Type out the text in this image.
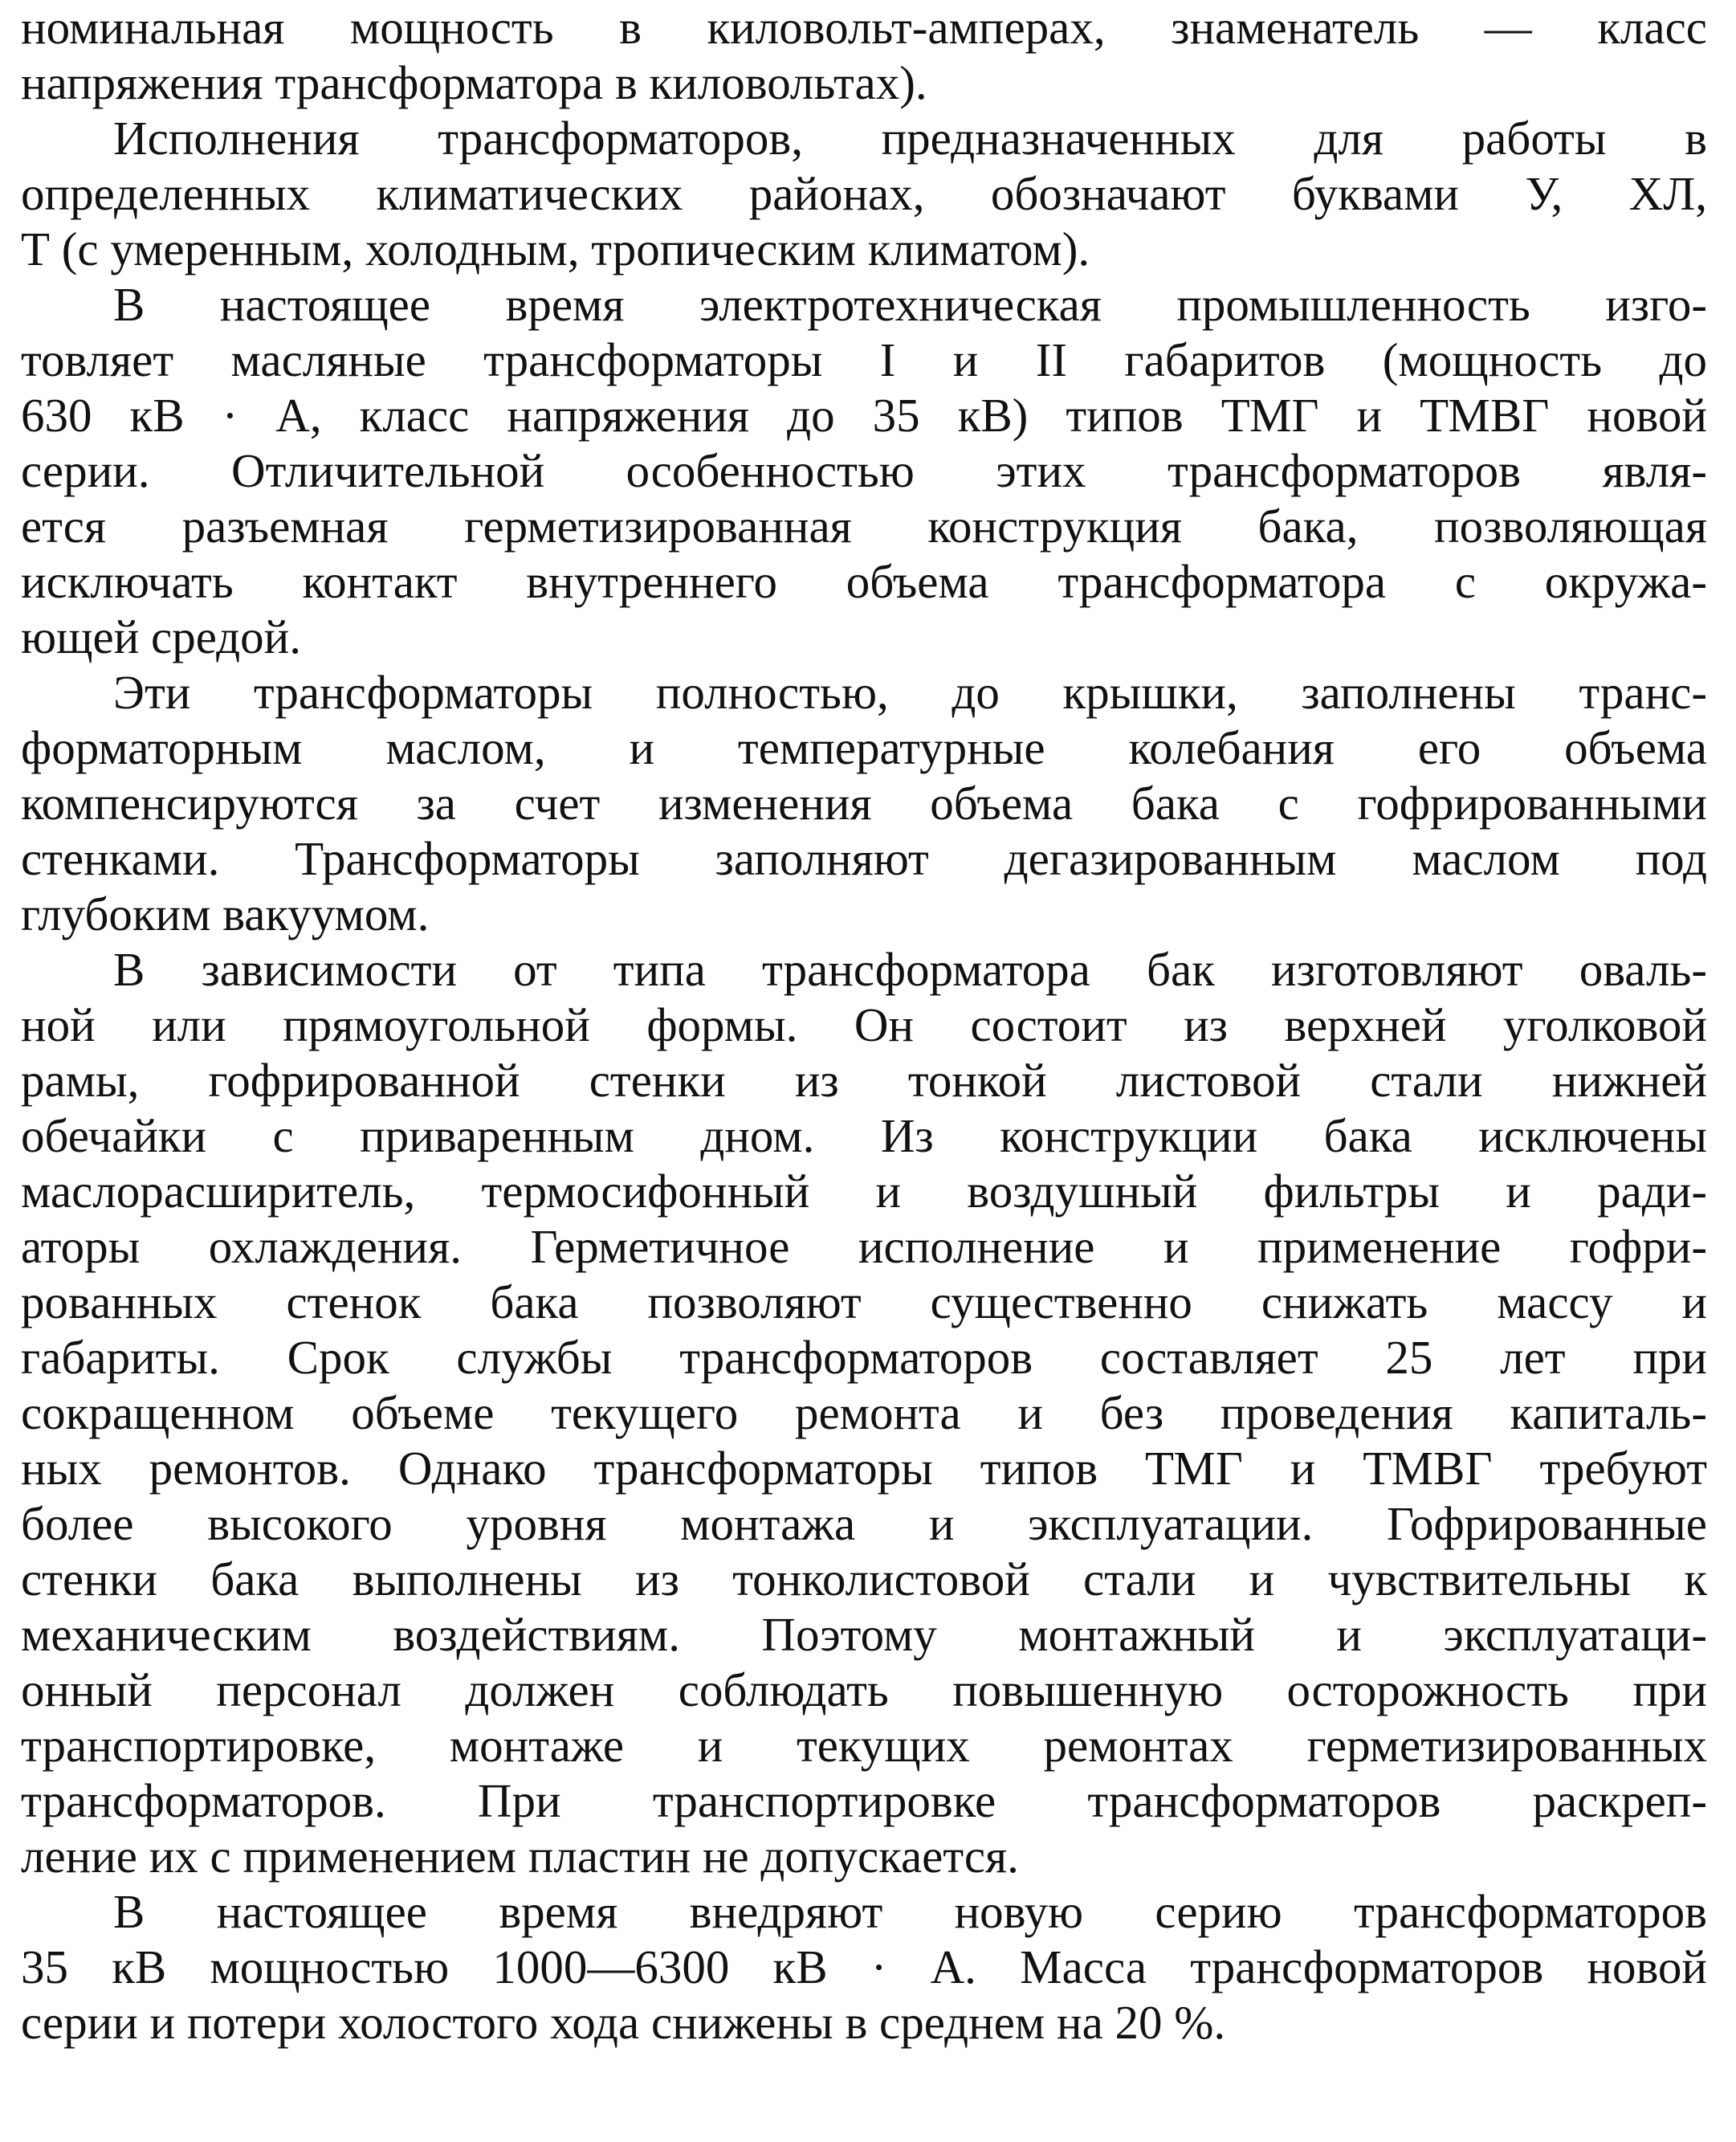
номинальная мощность в киловольт-амперах, знаменатель — класс
напряжения трансформатора в киловольтах).
Исполнения трансформаторов, предназначенных для работы в
определенных климатических районах, обозначают буквами У, ХЛ,
Т (с умеренным, холодным, тропическим климатом).
В настоящее время электротехническая промышленность изго-
товляет масляные трансформаторы I и II габаритов (мощность до
630 кВ · А, класс напряжения до 35 кВ) типов ТМГ и ТМВГ новой
серии. Отличительной особенностью этих трансформаторов явля-
ется разъемная герметизированная конструкция бака, позволяющая
исключать контакт внутреннего объема трансформатора с окружа-
ющей средой.
Эти трансформаторы полностью, до крышки, заполнены транс-
форматорным маслом, и температурные колебания его объема
компенсируются за счет изменения объема бака с гофрированными
стенками. Трансформаторы заполняют дегазированным маслом под
глубоким вакуумом.
В зависимости от типа трансформатора бак изготовляют оваль-
ной или прямоугольной формы. Он состоит из верхней уголковой
рамы, гофрированной стенки из тонкой листовой стали нижней
обечайки с приваренным дном. Из конструкции бака исключены
маслорасширитель, термосифонный и воздушный фильтры и ради-
аторы охлаждения. Герметичное исполнение и применение гофри-
рованных стенок бака позволяют существенно снижать массу и
габариты. Срок службы трансформаторов составляет 25 лет при
сокращенном объеме текущего ремонта и без проведения капиталь-
ных ремонтов. Однако трансформаторы типов ТМГ и ТМВГ требуют
более высокого уровня монтажа и эксплуатации. Гофрированные
стенки бака выполнены из тонколистовой стали и чувствительны к
механическим воздействиям. Поэтому монтажный и эксплуатаци-
онный персонал должен соблюдать повышенную осторожность при
транспортировке, монтаже и текущих ремонтах герметизированных
трансформаторов. При транспортировке трансформаторов раскреп-
ление их с применением пластин не допускается.
В настоящее время внедряют новую серию трансформаторов
35 кВ мощностью 1000—6300 кВ · А. Масса трансформаторов новой
серии и потери холостого хода снижены в среднем на 20 %.
